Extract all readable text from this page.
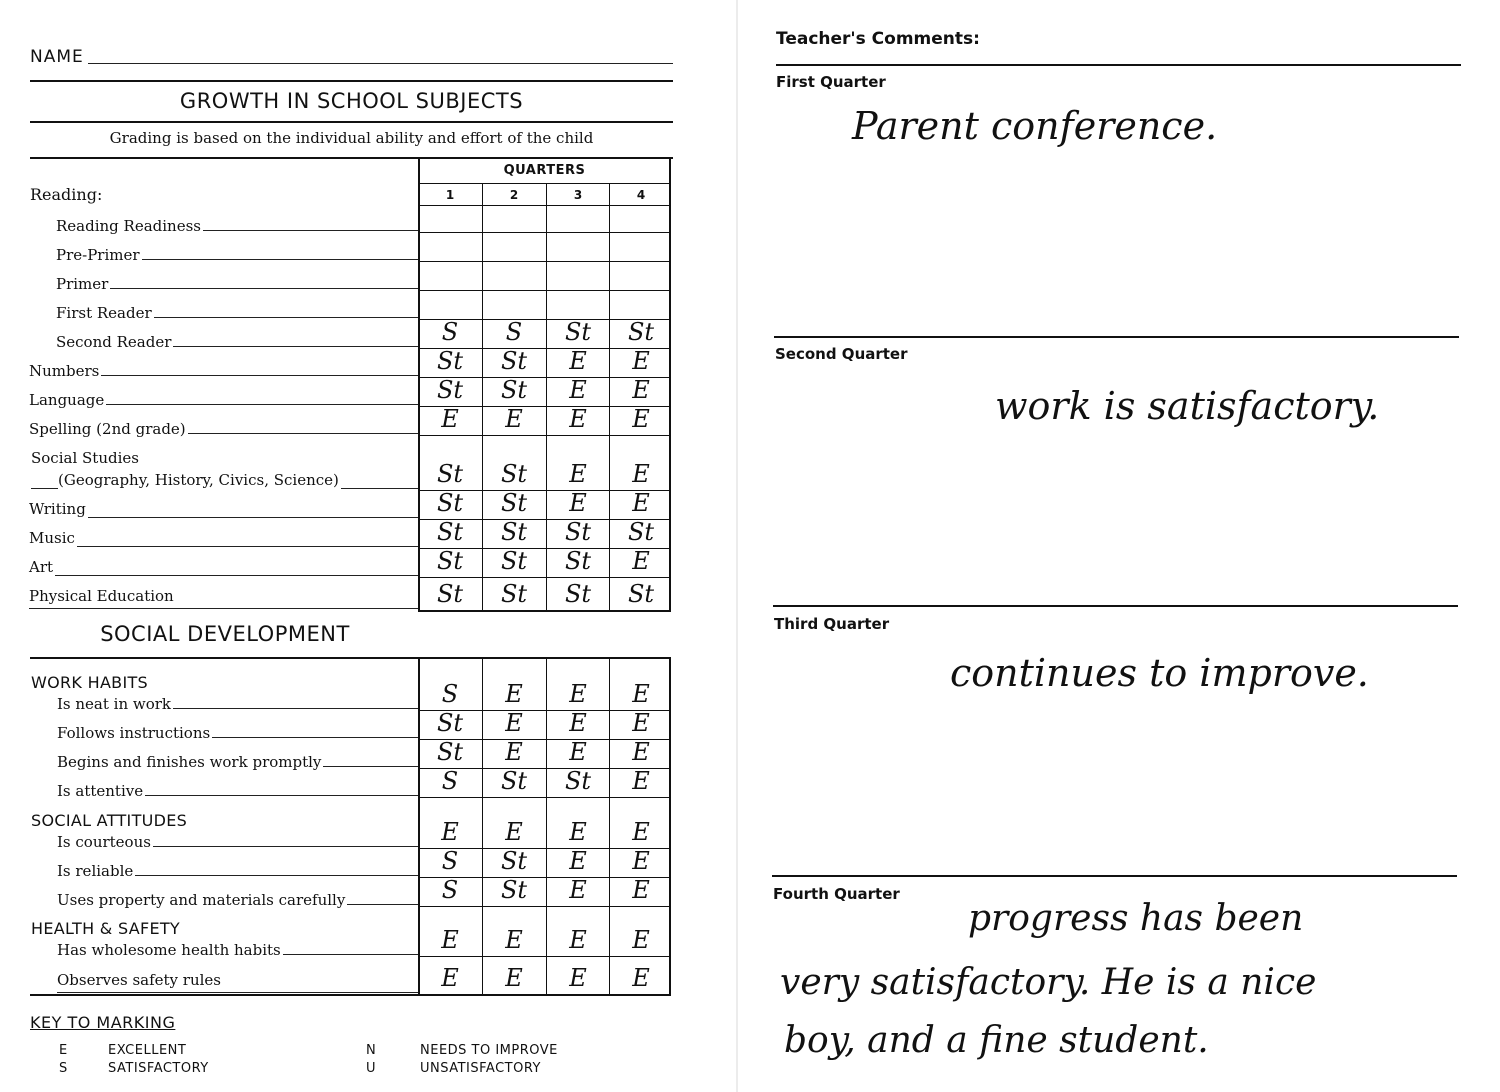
NAME
GROWTH IN SCHOOL SUBJECTS
Grading is based on the individual ability and effort of the child
QUARTERS
1	2	3	4
Reading:
SOCIAL DEVELOPMENT
Reading Readiness
Pre-Primer
Primer
First Reader
Second Reader	S	S	St	St
Numbers	St	St	E	E
Language	St	St	E	E
Spelling (2nd grade)	E	E	E	E
Social Studies
(Geography, History, Civics, Science)	St	St	E	E
Writing	St	St	E	E
Music	St	St	St	St
Art	St	St	St	E
Physical Education	St	St	St	St
WORK HABITS
Is neat in work	S	E	E	E
Follows instructions	St	E	E	E
Begins and finishes work promptly	St	E	E	E
Is attentive	S	St	St	E
SOCIAL ATTITUDES
Is courteous	E	E	E	E
Is reliable	S	St	E	E
Uses property and materials carefully	S	St	E	E
HEALTH & SAFETY
Has wholesome health habits	E	E	E	E
Observes safety rules	E	E	E	E
KEY TO MARKING
E	EXCELLENT
S	SATISFACTORY
N	NEEDS TO IMPROVE
U	UNSATISFACTORY
Teacher's Comments:
First Quarter
Parent conference.
Second Quarter
work is satisfactory.
Third Quarter
continues to improve.
Fourth Quarter
progress has been
very satisfactory. He is a nice
boy, and a fine student.
